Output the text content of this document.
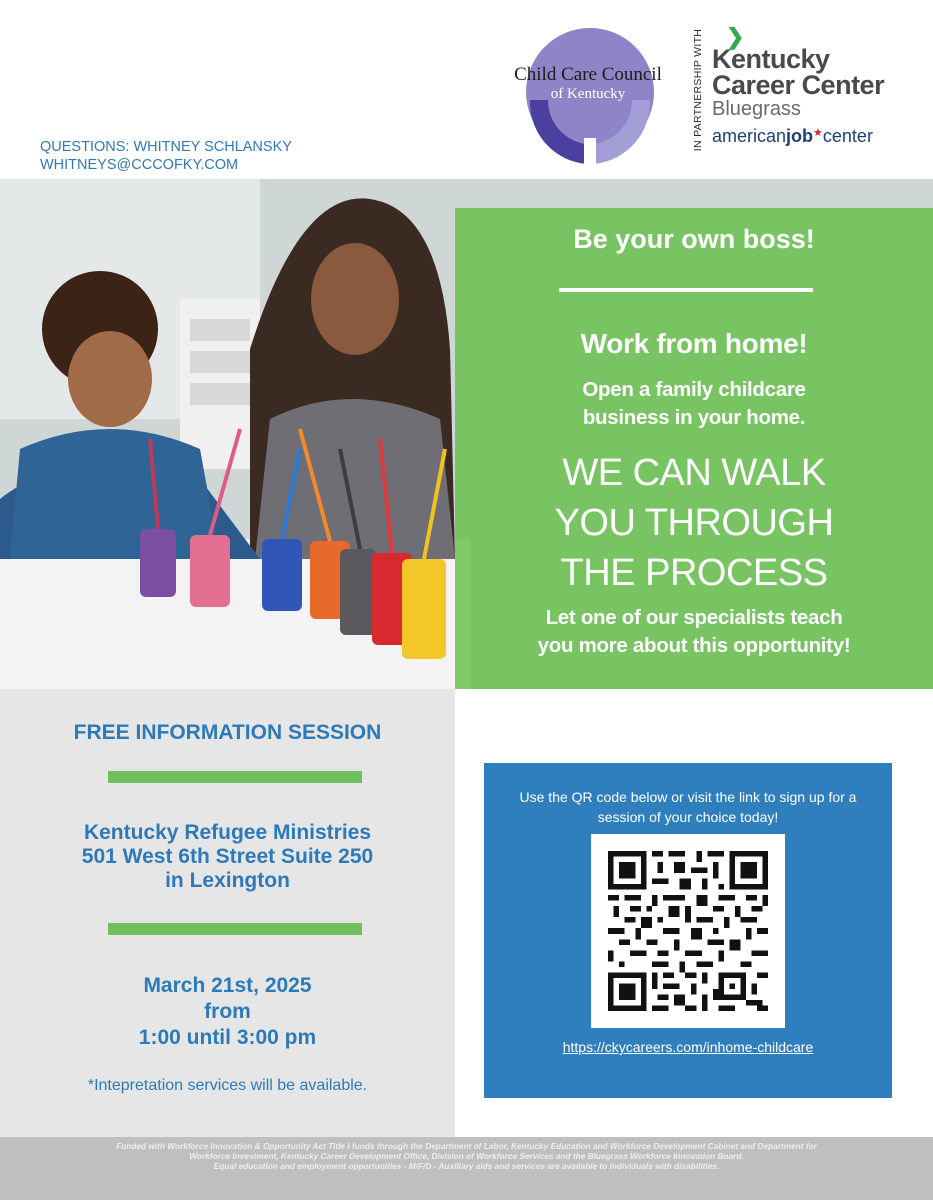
QUESTIONS: WHITNEY SCHLANSKY
WHITNEYS@CCCOFKY.COM
Child Care Council
of Kentucky	IN PARTNERSHIP WITH ❯
Kentucky
Career Center
Bluegrass
americanjob★center
Be your own boss!
Work from home!
Open a family childcare
business in your home.
WE CAN WALK
YOU THROUGH
THE PROCESS
Let one of our specialists teach
you more about this opportunity!
FREE INFORMATION SESSION
Kentucky Refugee Ministries
501 West 6th Street Suite 250
in Lexington
March 21st, 2025
from
1:00 until 3:00 pm
*Intepretation services will be available.
Use the QR code below or visit the link to sign up for a session of your choice today!
https://ckycareers.com/inhome-childcare
Funded with Workforce Innovation & Opportunity Act Title I funds through the Department of Labor, Kentucky Education and Workforce Development Cabinet and Department for
Workforce Investment, Kentucky Career Development Office, Division of Workforce Services and the Bluegrass Workforce Innovation Board.
Equal education and employment opportunities - M/F/D - Auxiliary aids and services are available to individuals with disabilities.
